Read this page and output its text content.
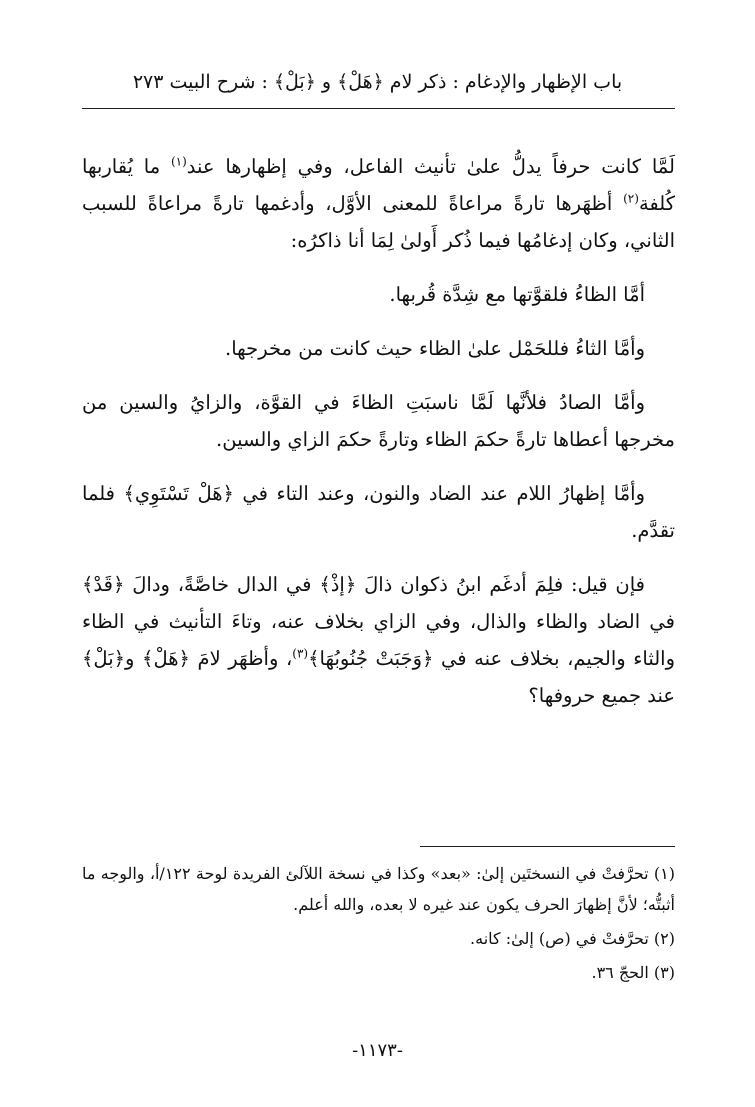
باب الإظهار والإدغام : ذكر لام ﴿هَلْ﴾ و ﴿بَلْ﴾ : شرح البيت ٢٧٣

لَمَّا كانت حرفاً يدلُّ علىٰ تأنيث الفاعل، وفي إظهارها عند$^{(١)}$ ما يُقاربها كُلفة$^{(٢)}$ أظهَرها تارةً مراعاةً للمعنى الأوَّل، وأدغمها تارةً مراعاةً للسبب الثاني، وكان إدغامُها فيما ذُكر أَولىٰ لِمَا أنا ذاكرُه:

أمَّا الظاءُ فلقوَّتها مع شِدَّة قُربها.

وأمَّا الثاءُ فللحَمْل علىٰ الظاء حيث كانت من مخرجها.

وأمَّا الصادُ فلأنَّها لَمَّا ناسبَتِ الظاءَ في القوَّة، والزايُ والسين من مخرجها أعطاها تارةً حكمَ الظاء وتارةً حكمَ الزاي والسين.

وأمَّا إظهارُ اللام عند الضاد والنون، وعند التاء في ﴿هَلْ تَسْتَوِي﴾ فلما تقدَّم.

فإن قيل: فلِمَ أدغَم ابنُ ذكوان ذالَ ﴿إذْ﴾ في الدال خاصَّةً، ودالَ ﴿قَدْ﴾ في الضاد والظاء والذال، وفي الزاي بخلاف عنه، وتاءَ التأنيث في الظاء والثاء والجيم، بخلاف عنه في ﴿وَجَبَتْ جُنُوبُهَا﴾$^{(٣)}$، وأظهَر لامَ ﴿هَلْ﴾ و﴿بَلْ﴾ عند جميع حروفها؟

(١) تحرَّفتْ في النسختَين إلىٰ: «بعد» وكذا في نسخة اللآلئ الفريدة لوحة ١٢٢/أ، والوجه ما أثبتُّه؛ لأنَّ إظهارَ الحرف يكون عند غيره لا بعده، والله أعلم.

(٢) تحرَّفتْ في (ص) إلىٰ: كانه.

(٣) الحجّ ٣٦.

-١١٧٣-
